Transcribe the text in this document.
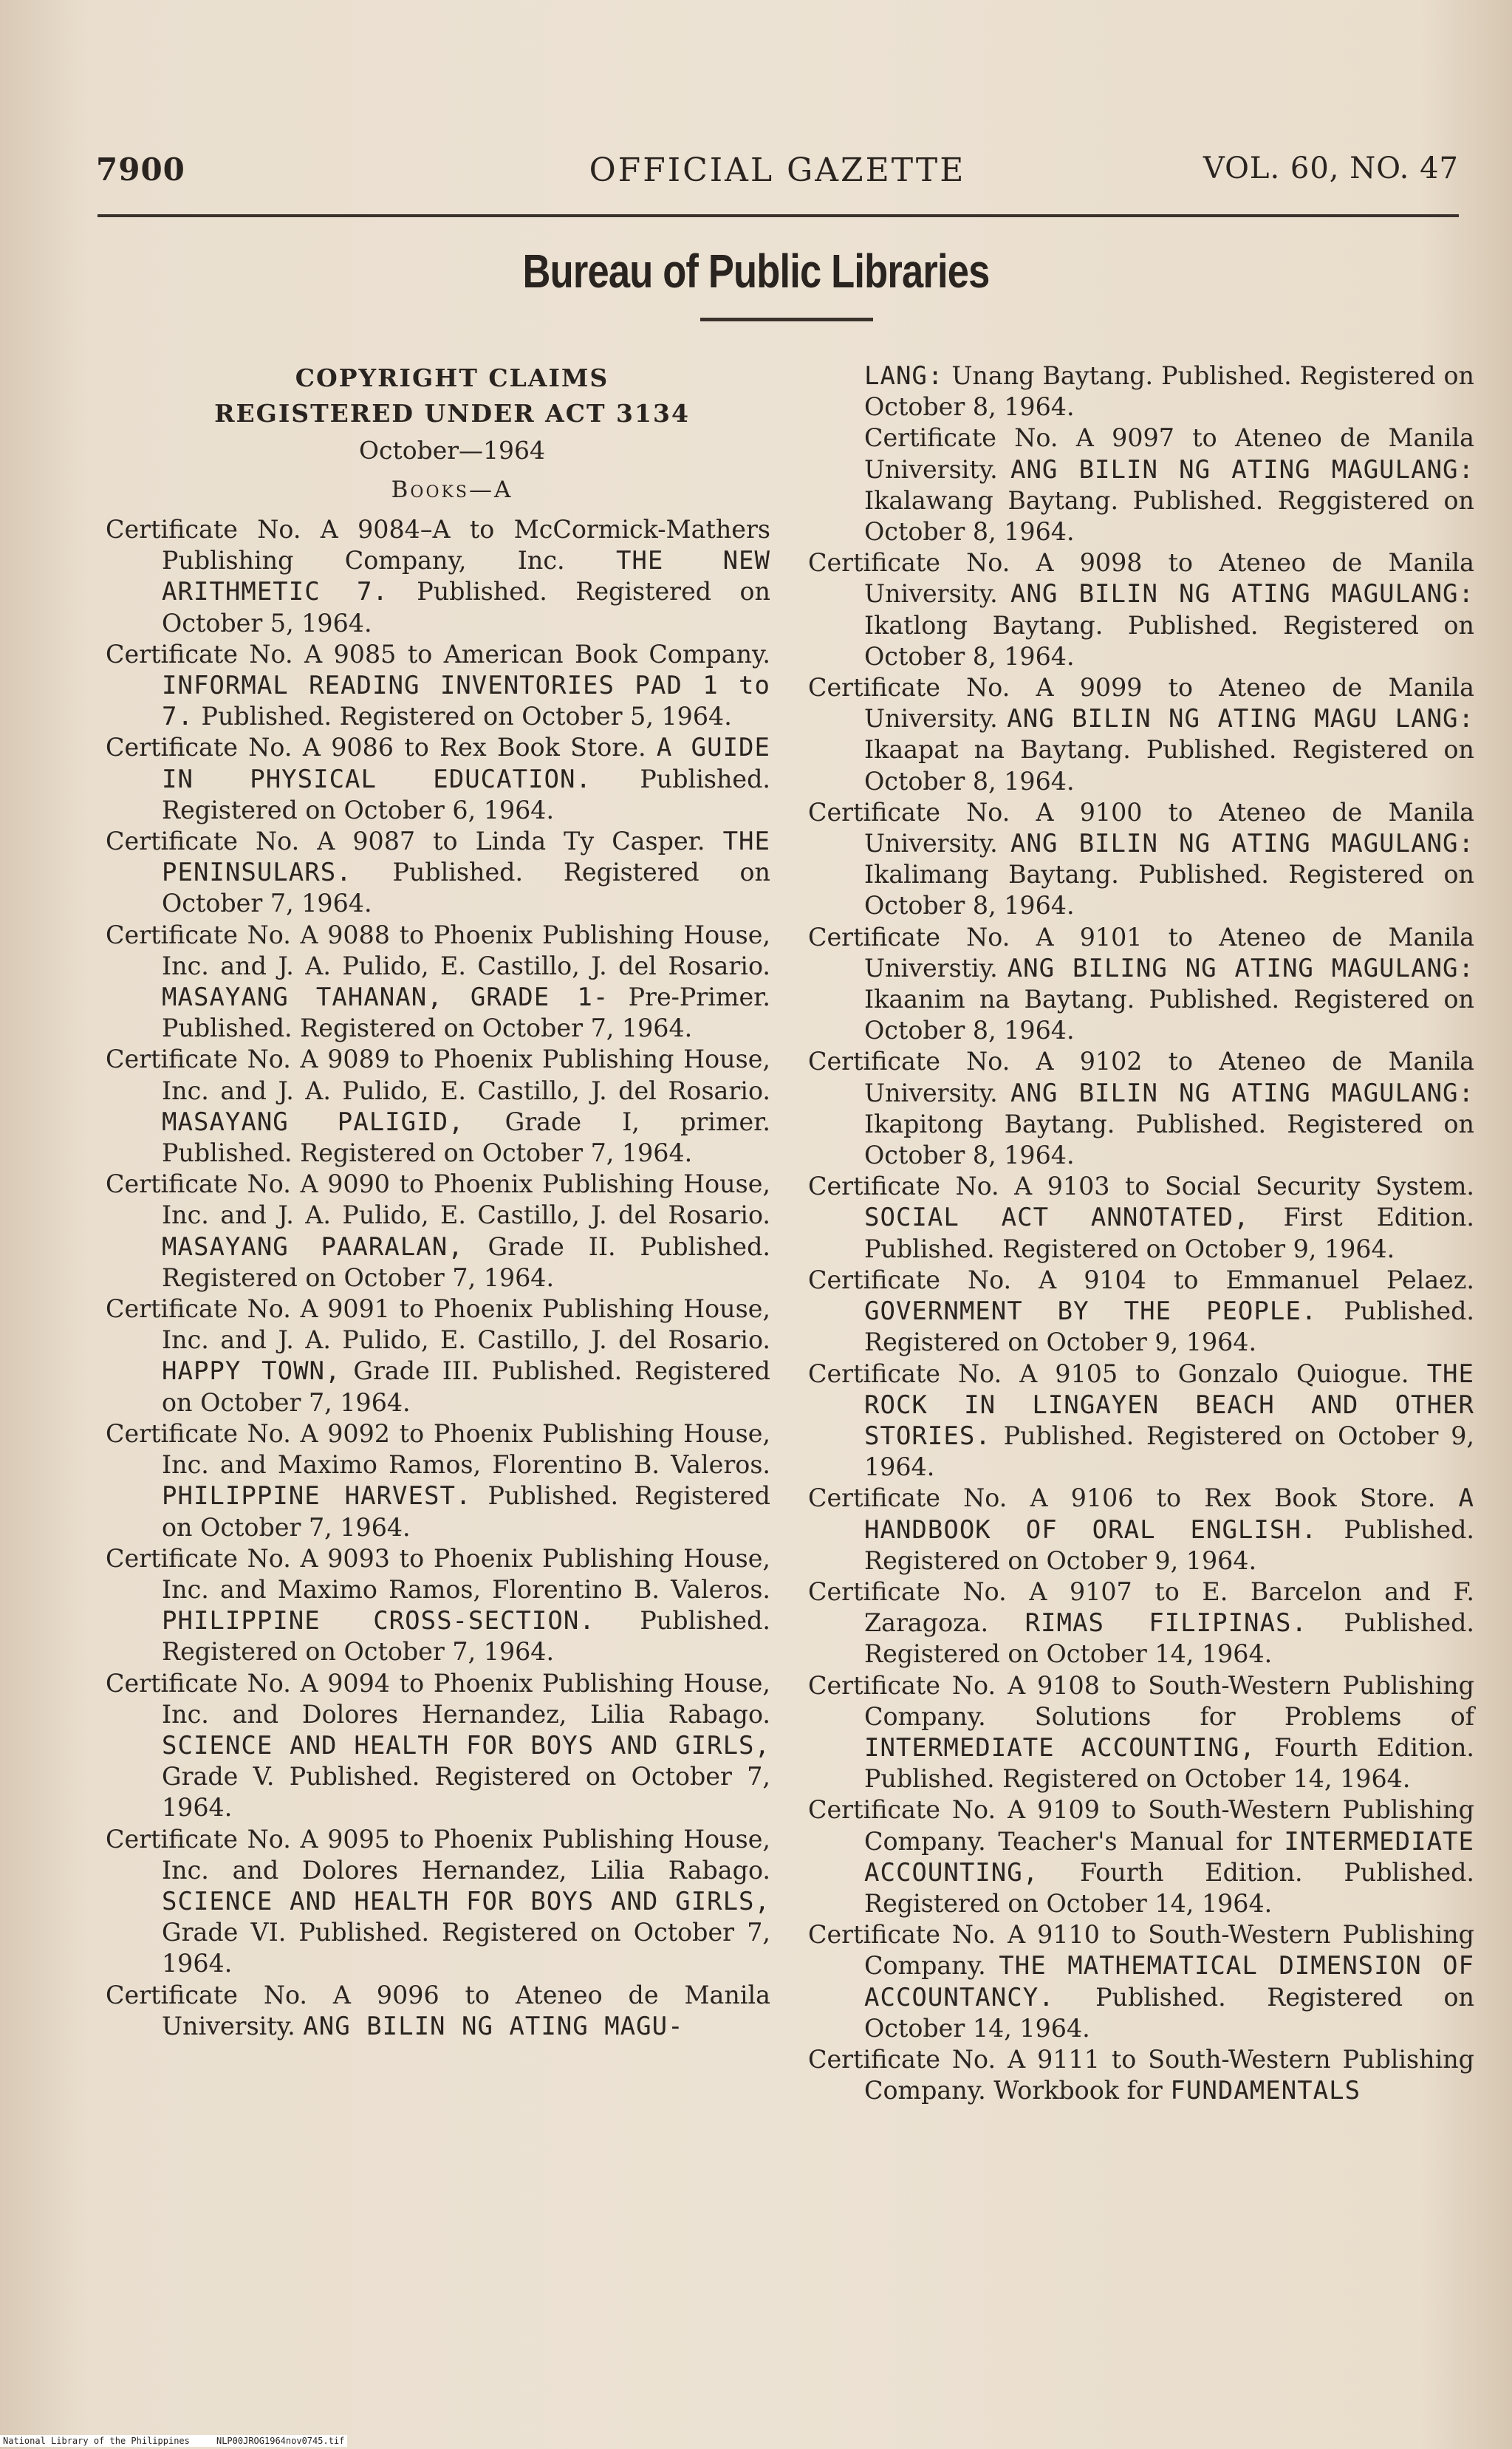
7900	OFFICIAL GAZETTE	VOL. 60, NO. 47
Bureau of Public Libraries
COPYRIGHT CLAIMS
REGISTERED UNDER ACT 3134
October—1964
Books—A

Certificate No. A 9084–A to McCormick-Mathers Publishing Company, Inc. THE NEW ARITHMETIC 7. Published. Registered on October 5, 1964.

Certificate No. A 9085 to American Book Company. INFORMAL READING INVENTORIES PAD 1 to 7. Published. Registered on October 5, 1964.

Certificate No. A 9086 to Rex Book Store. A GUIDE IN PHYSICAL EDUCATION. Published. Registered on October 6, 1964.

Certificate No. A 9087 to Linda Ty Casper. THE PENINSULARS. Published. Registered on October 7, 1964.

Certificate No. A 9088 to Phoenix Publishing House, Inc. and J. A. Pulido, E. Castillo, J. del Rosario. MASAYANG TAHANAN, GRADE 1- Pre-Primer. Published. Registered on October 7, 1964.

Certificate No. A 9089 to Phoenix Publishing House, Inc. and J. A. Pulido, E. Castillo, J. del Rosario. MASAYANG PALIGID, Grade I, primer. Published. Registered on October 7, 1964.

Certificate No. A 9090 to Phoenix Publishing House, Inc. and J. A. Pulido, E. Castillo, J. del Rosario. MASAYANG PAARALAN, Grade II. Published. Registered on October 7, 1964.

Certificate No. A 9091 to Phoenix Publishing House, Inc. and J. A. Pulido, E. Castillo, J. del Rosario. HAPPY TOWN, Grade III. Published. Registered on October 7, 1964.

Certificate No. A 9092 to Phoenix Publishing House, Inc. and Maximo Ramos, Florentino B. Valeros. PHILIPPINE HARVEST. Published. Registered on October 7, 1964.

Certificate No. A 9093 to Phoenix Publishing House, Inc. and Maximo Ramos, Florentino B. Valeros. PHILIPPINE CROSS-SECTION. Published. Registered on October 7, 1964.

Certificate No. A 9094 to Phoenix Publishing House, Inc. and Dolores Hernandez, Lilia Rabago. SCIENCE AND HEALTH FOR BOYS AND GIRLS, Grade V. Published. Registered on October 7, 1964.

Certificate No. A 9095 to Phoenix Publishing House, Inc. and Dolores Hernandez, Lilia Rabago. SCIENCE AND HEALTH FOR BOYS AND GIRLS, Grade VI. Published. Registered on October 7, 1964.

Certificate No. A 9096 to Ateneo de Manila University. ANG BILIN NG ATING MAGU-

LANG: Unang Baytang. Published. Registered on October 8, 1964.

Certificate No. A 9097 to Ateneo de Manila University. ANG BILIN NG ATING MAGULANG: Ikalawang Baytang. Published. Reggistered on October 8, 1964.

Certificate No. A 9098 to Ateneo de Manila University. ANG BILIN NG ATING MAGULANG: Ikatlong Baytang. Published. Registered on October 8, 1964.

Certificate No. A 9099 to Ateneo de Manila University. ANG BILIN NG ATING MAGU LANG: Ikaapat na Baytang. Published. Registered on October 8, 1964.

Certificate No. A 9100 to Ateneo de Manila University. ANG BILIN NG ATING MAGULANG: Ikalimang Baytang. Published. Registered on October 8, 1964.

Certificate No. A 9101 to Ateneo de Manila Universtiy. ANG BILING NG ATING MAGULANG: Ikaanim na Baytang. Published. Registered on October 8, 1964.

Certificate No. A 9102 to Ateneo de Manila University. ANG BILIN NG ATING MAGULANG: Ikapitong Baytang. Published. Registered on October 8, 1964.

Certificate No. A 9103 to Social Security System. SOCIAL ACT ANNOTATED, First Edition. Published. Registered on October 9, 1964.

Certificate No. A 9104 to Emmanuel Pelaez. GOVERNMENT BY THE PEOPLE. Published. Registered on October 9, 1964.

Certificate No. A 9105 to Gonzalo Quiogue. THE ROCK IN LINGAYEN BEACH AND OTHER STORIES. Published. Registered on October 9, 1964.

Certificate No. A 9106 to Rex Book Store. A HANDBOOK OF ORAL ENGLISH. Published. Registered on October 9, 1964.

Certificate No. A 9107 to E. Barcelon and F. Zaragoza. RIMAS FILIPINAS. Published. Registered on October 14, 1964.

Certificate No. A 9108 to South-Western Publishing Company. Solutions for Problems of INTERMEDIATE ACCOUNTING, Fourth Edition. Published. Registered on October 14, 1964.

Certificate No. A 9109 to South-Western Publishing Company. Teacher's Manual for INTERMEDIATE ACCOUNTING, Fourth Edition. Published. Registered on October 14, 1964.

Certificate No. A 9110 to South-Western Publishing Company. THE MATHEMATICAL DIMENSION OF ACCOUNTANCY. Published. Registered on October 14, 1964.

Certificate No. A 9111 to South-Western Publishing Company. Workbook for FUNDAMENTALS

National Library of the Philippines     NLP00JROG1964nov0745.tif
